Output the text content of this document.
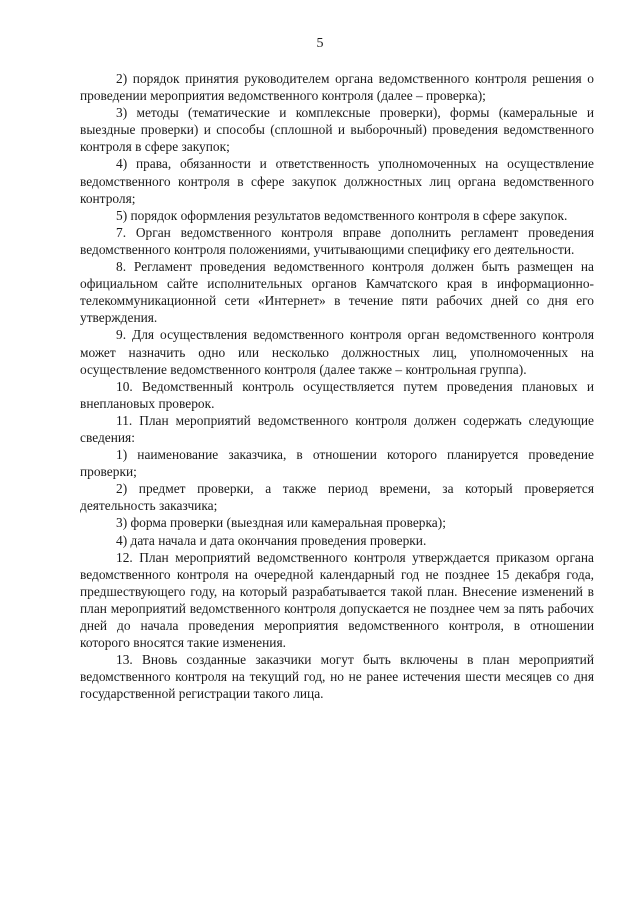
5

2) порядок принятия руководителем органа ведомственного контроля решения о проведении мероприятия ведомственного контроля (далее – проверка);

3) методы (тематические и комплексные проверки), формы (камеральные и выездные проверки) и способы (сплошной и выборочный) проведения ведомственного контроля в сфере закупок;

4) права, обязанности и ответственность уполномоченных на осуществление ведомственного контроля в сфере закупок должностных лиц органа ведомственного контроля;

5) порядок оформления результатов ведомственного контроля в сфере закупок.

7. Орган ведомственного контроля вправе дополнить регламент проведения ведомственного контроля положениями, учитывающими специфику его деятельности.

8. Регламент проведения ведомственного контроля должен быть размещен на официальном сайте исполнительных органов Камчатского края в информационно-телекоммуникационной сети «Интернет» в течение пяти рабочих дней со дня его утверждения.

9. Для осуществления ведомственного контроля орган ведомственного контроля может назначить одно или несколько должностных лиц, уполномоченных на осуществление ведомственного контроля (далее также – контрольная группа).

10. Ведомственный контроль осуществляется путем проведения плановых и внеплановых проверок.

11. План мероприятий ведомственного контроля должен содержать следующие сведения:

1) наименование заказчика, в отношении которого планируется проведение проверки;

2) предмет проверки, а также период времени, за который проверяется деятельность заказчика;

3) форма проверки (выездная или камеральная проверка);

4) дата начала и дата окончания проведения проверки.

12. План мероприятий ведомственного контроля утверждается приказом органа ведомственного контроля на очередной календарный год не позднее 15 декабря года, предшествующего году, на который разрабатывается такой план. Внесение изменений в план мероприятий ведомственного контроля допускается не позднее чем за пять рабочих дней до начала проведения мероприятия ведомственного контроля, в отношении которого вносятся такие изменения.

13. Вновь созданные заказчики могут быть включены в план мероприятий ведомственного контроля на текущий год, но не ранее истечения шести месяцев со дня государственной регистрации такого лица.
